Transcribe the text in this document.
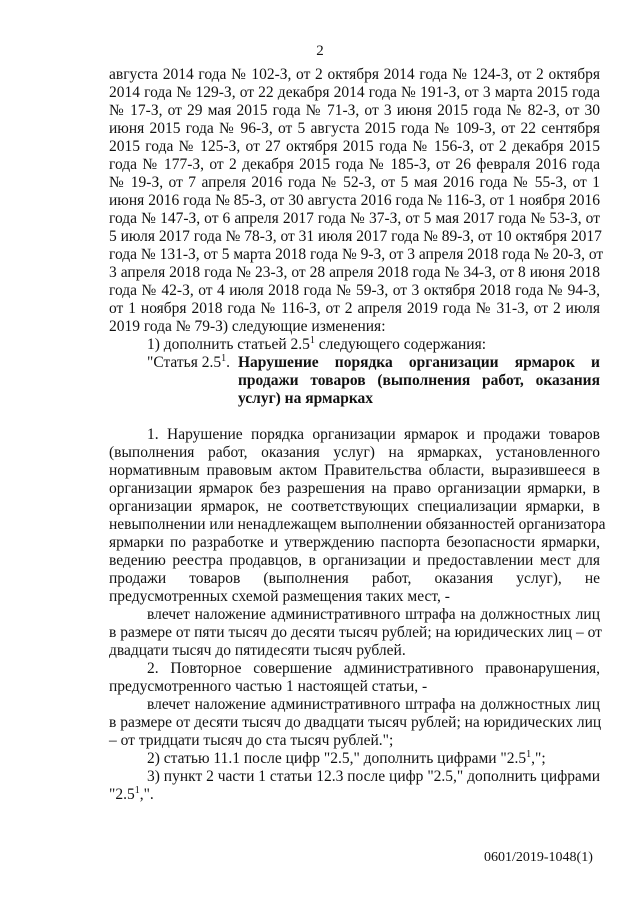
2
августа 2014 года № 102-З, от 2 октября 2014 года № 124-З, от 2 октября
2014 года № 129-З, от 22 декабря 2014 года № 191-З, от 3 марта 2015 года
№ 17-З, от 29 мая 2015 года № 71-З, от 3 июня 2015 года № 82-З, от 30
июня 2015 года № 96-З, от 5 августа 2015 года № 109-З, от 22 сентября
2015 года № 125-З, от 27 октября 2015 года № 156-З, от 2 декабря 2015
года № 177-З, от 2 декабря 2015 года № 185-З, от 26 февраля 2016 года
№ 19-З, от 7 апреля 2016 года № 52-З, от 5 мая 2016 года № 55-З, от 1
июня 2016 года № 85-З, от 30 августа 2016 года № 116-З, от 1 ноября 2016
года № 147-З, от 6 апреля 2017 года № 37-З, от 5 мая 2017 года № 53-З, от
5 июля 2017 года № 78-З, от 31 июля 2017 года № 89-З, от 10 октября 2017
года № 131-З, от 5 марта 2018 года № 9-З, от 3 апреля 2018 года № 20-З, от
3 апреля 2018 года № 23-З, от 28 апреля 2018 года № 34-З, от 8 июня 2018
года № 42-З, от 4 июля 2018 года № 59-З, от 3 октября 2018 года № 94-З,
от 1 ноября 2018 года № 116-З, от 2 апреля 2019 года № 31-З, от 2 июля
2019 года № 79-З) следующие изменения:
1) дополнить статьей $2.5^1$ следующего содержания:
"Статья $2.5^1$. Нарушение порядка организации ярмарок и
продажи товаров (выполнения работ, оказания
услуг) на ярмарках
1. Нарушение порядка организации ярмарок и продажи товаров
(выполнения работ, оказания услуг) на ярмарках, установленного
нормативным правовым актом Правительства области, выразившееся в
организации ярмарок без разрешения на право организации ярмарки, в
организации ярмарок, не соответствующих специализации ярмарки, в
невыполнении или ненадлежащем выполнении обязанностей организатора
ярмарки по разработке и утверждению паспорта безопасности ярмарки,
ведению реестра продавцов, в организации и предоставлении мест для
продажи товаров (выполнения работ, оказания услуг), не
предусмотренных схемой размещения таких мест, -
влечет наложение административного штрафа на должностных лиц
в размере от пяти тысяч до десяти тысяч рублей; на юридических лиц – от
двадцати тысяч до пятидесяти тысяч рублей.
2. Повторное совершение административного правонарушения,
предусмотренного частью 1 настоящей статьи, -
влечет наложение административного штрафа на должностных лиц
в размере от десяти тысяч до двадцати тысяч рублей; на юридических лиц
– от тридцати тысяч до ста тысяч рублей.";
2) статью 11.1 после цифр "2.5," дополнить цифрами "$2.5^1$,";
3) пункт 2 части 1 статьи 12.3 после цифр "2.5," дополнить цифрами
"$2.5^1$,".
0601/2019-1048(1)
